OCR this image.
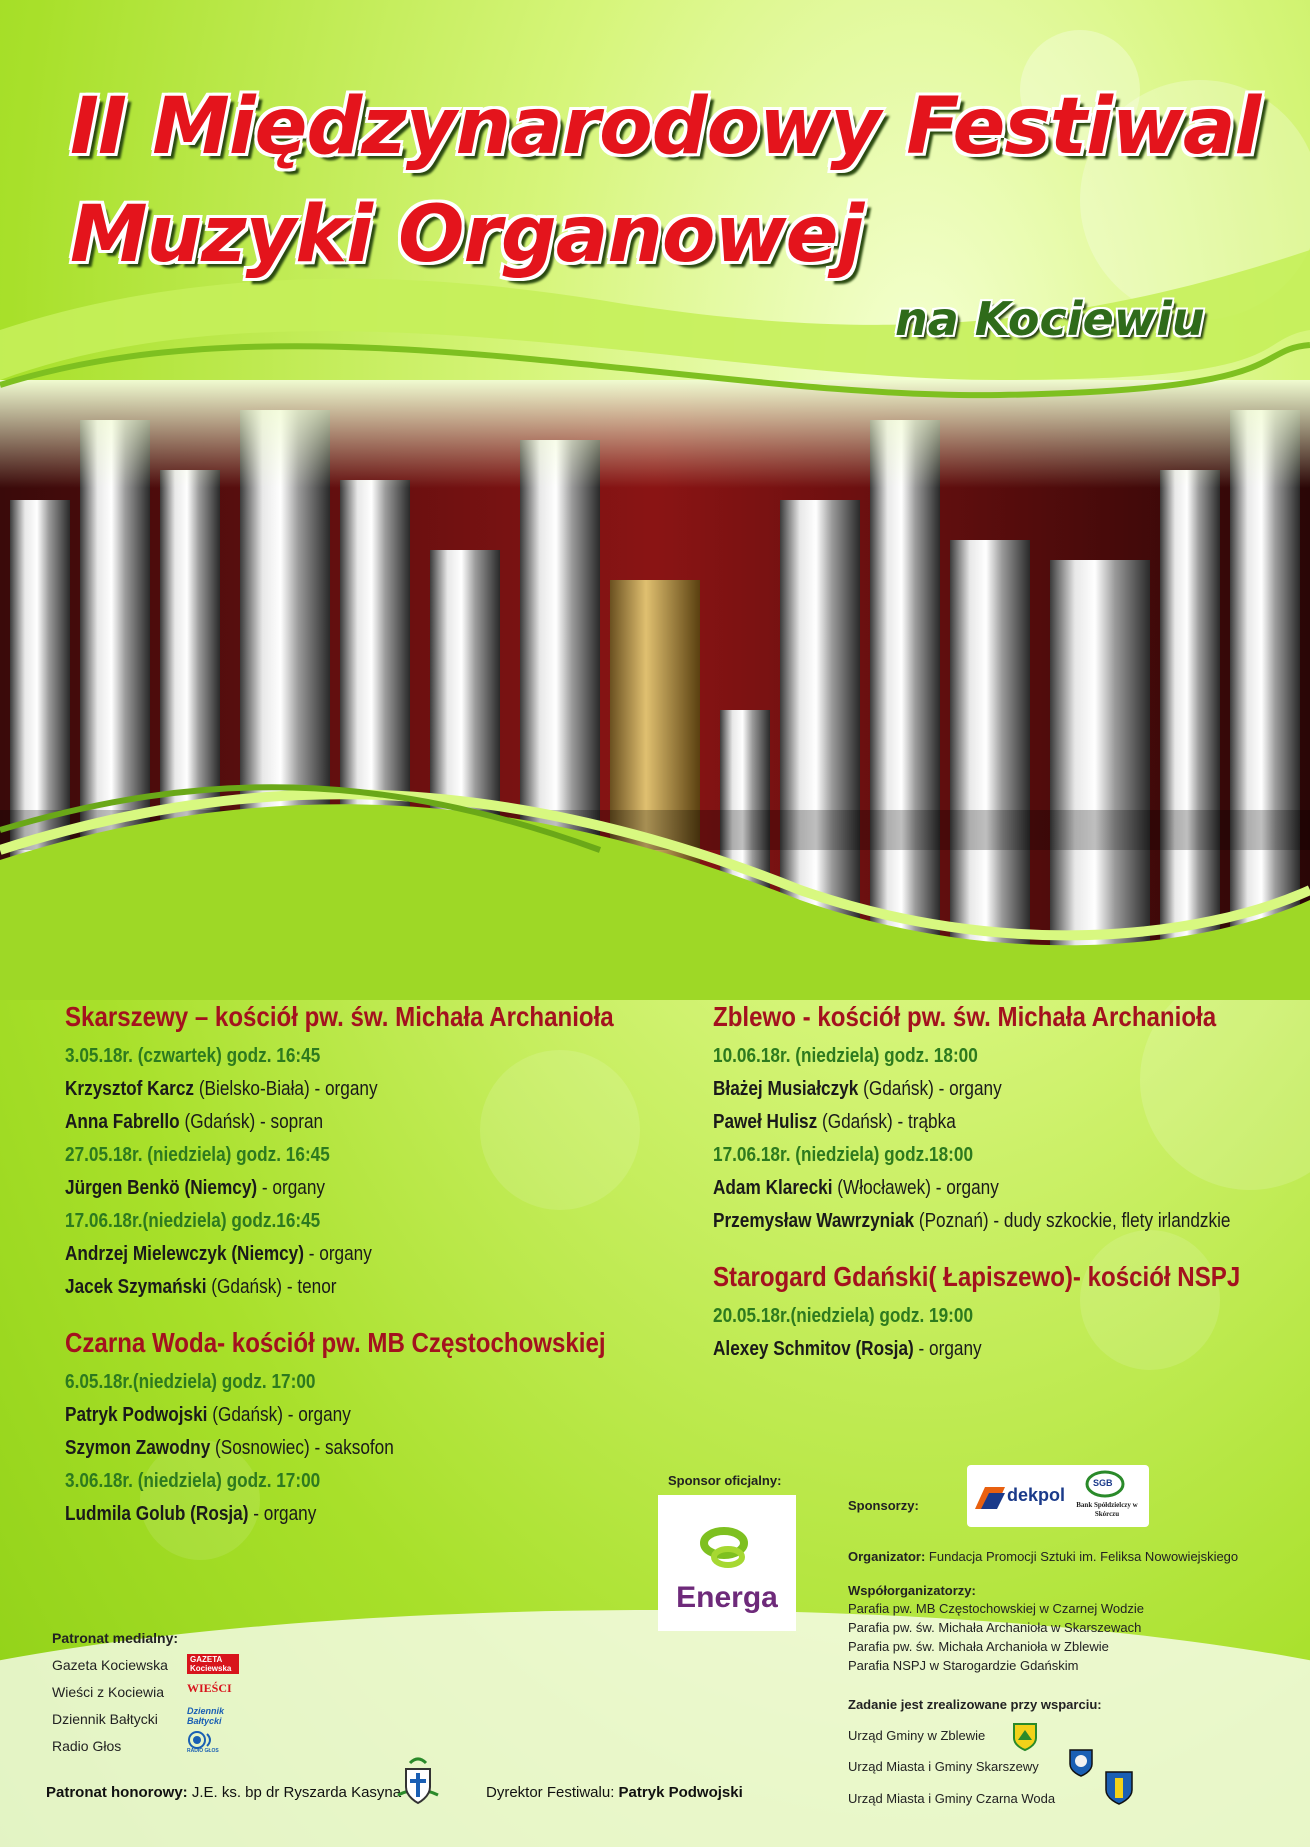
II Międzynarodowy Festiwal
Muzyki Organowej
na Kociewiu
Skarszewy – kościół pw. św. Michała Archanioła
3.05.18r. (czwartek) godz. 16:45
Krzysztof Karcz (Bielsko-Biała) - organy
Anna Fabrello (Gdańsk) - sopran
27.05.18r. (niedziela) godz. 16:45
Jürgen Benkö (Niemcy) - organy
17.06.18r.(niedziela) godz.16:45
Andrzej Mielewczyk (Niemcy) - organy
Jacek Szymański (Gdańsk) - tenor
Czarna Woda- kościół pw. MB Częstochowskiej
6.05.18r.(niedziela) godz. 17:00
Patryk Podwojski (Gdańsk) - organy
Szymon Zawodny (Sosnowiec) - saksofon
3.06.18r. (niedziela) godz. 17:00
Ludmila Golub (Rosja) - organy
Zblewo - kościół pw. św. Michała Archanioła
10.06.18r. (niedziela) godz. 18:00
Błażej Musiałczyk (Gdańsk) - organy
Paweł Hulisz (Gdańsk) - trąbka
17.06.18r. (niedziela) godz.18:00
Adam Klarecki (Włocławek) - organy
Przemysław Wawrzyniak (Poznań) - dudy szkockie, flety irlandzkie
Starogard Gdański( Łapiszewo)- kościół NSPJ
20.05.18r.(niedziela) godz. 19:00
Alexey Schmitov (Rosja) - organy
Sponsor oficjalny:
Energa
Sponsorzy:
dekpol
SGB
Bank Spółdzielczy w Skórczu
Organizator: Fundacja Promocji Sztuki im. Feliksa Nowowiejskiego
Współorganizatorzy:
Parafia pw. MB Częstochowskiej w Czarnej Wodzie
Parafia pw. św. Michała Archanioła w Skarszewach
Parafia pw. św. Michała Archanioła w Zblewie
Parafia NSPJ w Starogardzie Gdańskim
Zadanie jest zrealizowane przy wsparciu:
Urząd Gminy w Zblewie
Urząd Miasta i Gminy Skarszewy
Urząd Miasta i Gminy Czarna Woda
Patronat medialny:
Gazeta Kociewska	GAZETA Kociewska
Wieści z Kociewia WIEŚCI
Dziennik Bałtycki	Dziennik Bałtycki
Radio Głos	RADIO GŁOS
Patronat honorowy: J.E. ks. bp dr Ryszarda Kasyna	Dyrektor Festiwalu: Patryk Podwojski
